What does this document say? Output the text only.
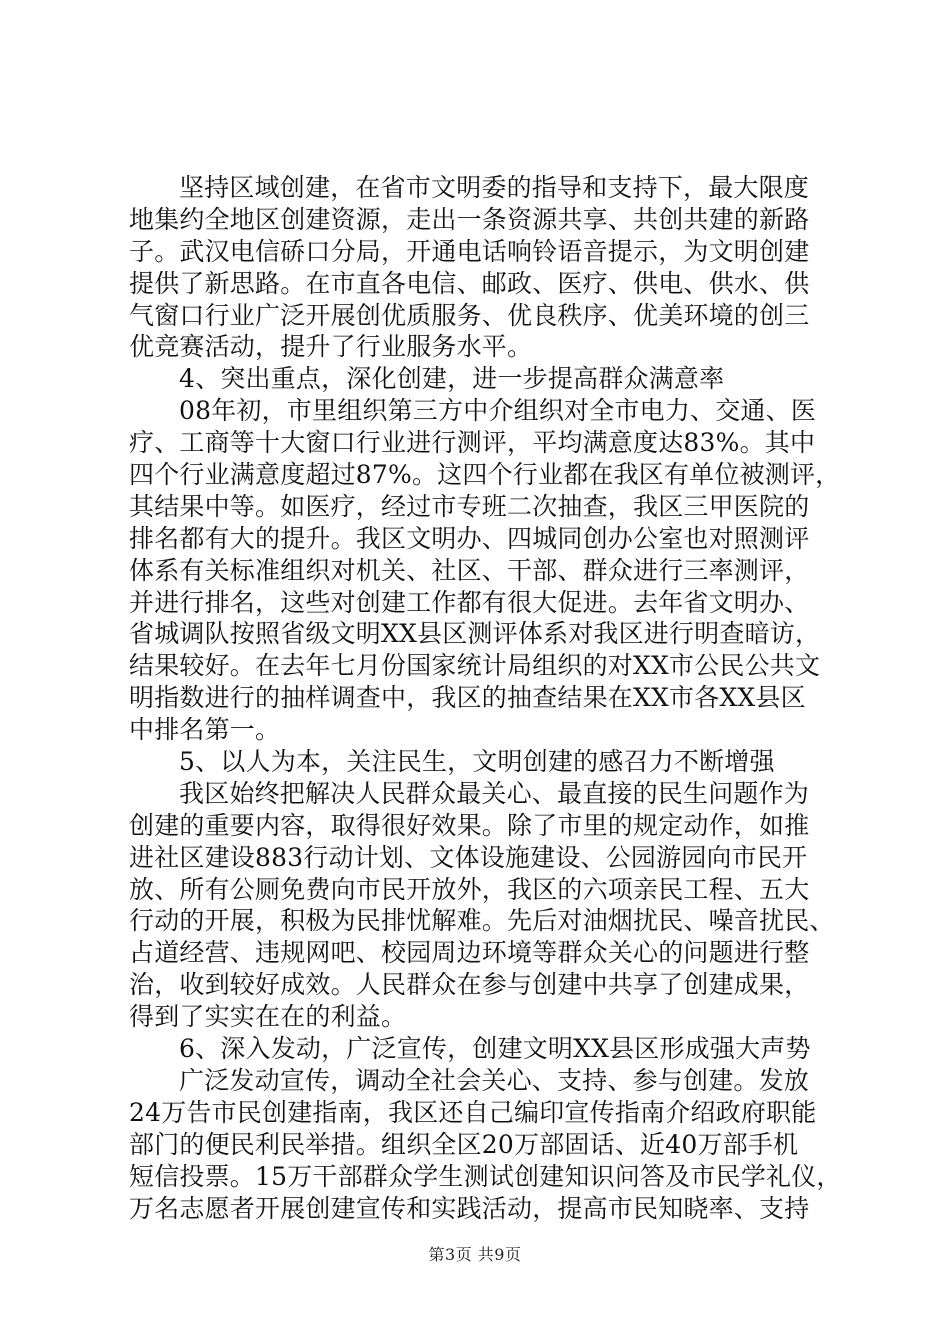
坚持区域创建，在省市文明委的指导和支持下，最大限度
地集约全地区创建资源，走出一条资源共享、共创共建的新路
子。武汉电信硚口分局，开通电话响铃语音提示，为文明创建
提供了新思路。在市直各电信、邮政、医疗、供电、供水、供
气窗口行业广泛开展创优质服务、优良秩序、优美环境的创三
优竞赛活动，提升了行业服务水平。
4、突出重点，深化创建，进一步提高群众满意率
08年初，市里组织第三方中介组织对全市电力、交通、医
疗、工商等十大窗口行业进行测评，平均满意度达83%。其中
四个行业满意度超过87%。这四个行业都在我区有单位被测评，
其结果中等。如医疗，经过市专班二次抽查，我区三甲医院的
排名都有大的提升。我区文明办、四城同创办公室也对照测评
体系有关标准组织对机关、社区、干部、群众进行三率测评，
并进行排名，这些对创建工作都有很大促进。去年省文明办、
省城调队按照省级文明XX县区测评体系对我区进行明查暗访，
结果较好。在去年七月份国家统计局组织的对XX市公民公共文
明指数进行的抽样调查中，我区的抽查结果在XX市各XX县区
中排名第一。
5、以人为本，关注民生，文明创建的感召力不断增强
我区始终把解决人民群众最关心、最直接的民生问题作为
创建的重要内容，取得很好效果。除了市里的规定动作，如推
进社区建设883行动计划、文体设施建设、公园游园向市民开
放、所有公厕免费向市民开放外，我区的六项亲民工程、五大
行动的开展，积极为民排忧解难。先后对油烟扰民、噪音扰民、
占道经营、违规网吧、校园周边环境等群众关心的问题进行整
治，收到较好成效。人民群众在参与创建中共享了创建成果，
得到了实实在在的利益。
6、深入发动，广泛宣传，创建文明XX县区形成强大声势
广泛发动宣传，调动全社会关心、支持、参与创建。发放
24万告市民创建指南，我区还自己编印宣传指南介绍政府职能
部门的便民利民举措。组织全区20万部固话、近40万部手机
短信投票。15万干部群众学生测试创建知识问答及市民学礼仪，
万名志愿者开展创建宣传和实践活动，提高市民知晓率、支持
第3页 共9页
